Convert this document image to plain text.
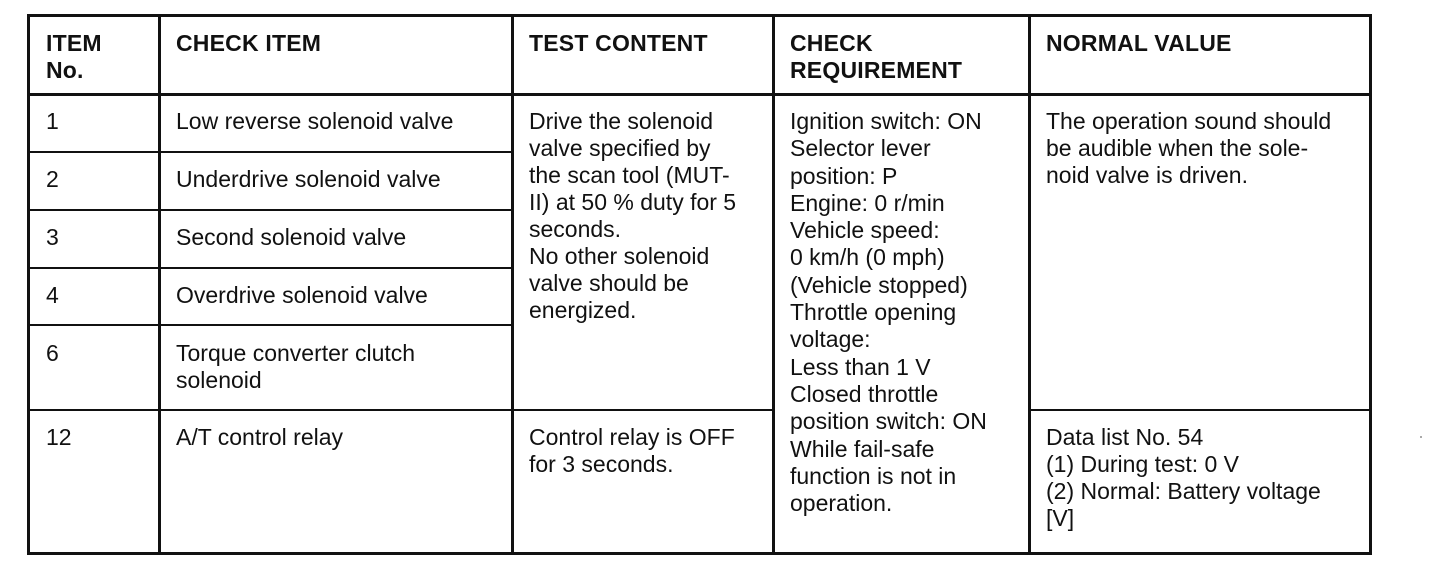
ITEM
No.

CHECK ITEM	TEST CONTENT	CHECK
REQUIREMENT

NORMAL VALUE

1

2

3

4

6

12

Low reverse solenoid valve

Underdrive solenoid valve

Second solenoid valve

Overdrive solenoid valve

Torque converter clutch
solenoid

A/T control relay

Drive the solenoid
valve specified by
the scan tool (MUT-
II) at 50 % duty for 5
seconds.
No other solenoid
valve should be
energized.

Control relay is OFF
for 3 seconds.

Ignition switch: ON
Selector lever
position: P
Engine: 0 r/min
Vehicle speed:
0 km/h (0 mph)
(Vehicle stopped)
Throttle opening
voltage:
Less than 1 V
Closed throttle
position switch: ON
While fail-safe
function is not in
operation.

The operation sound should
be audible when the sole-
noid valve is driven.

Data list No. 54
(1) During test: 0 V
(2) Normal: Battery voltage
[V]
